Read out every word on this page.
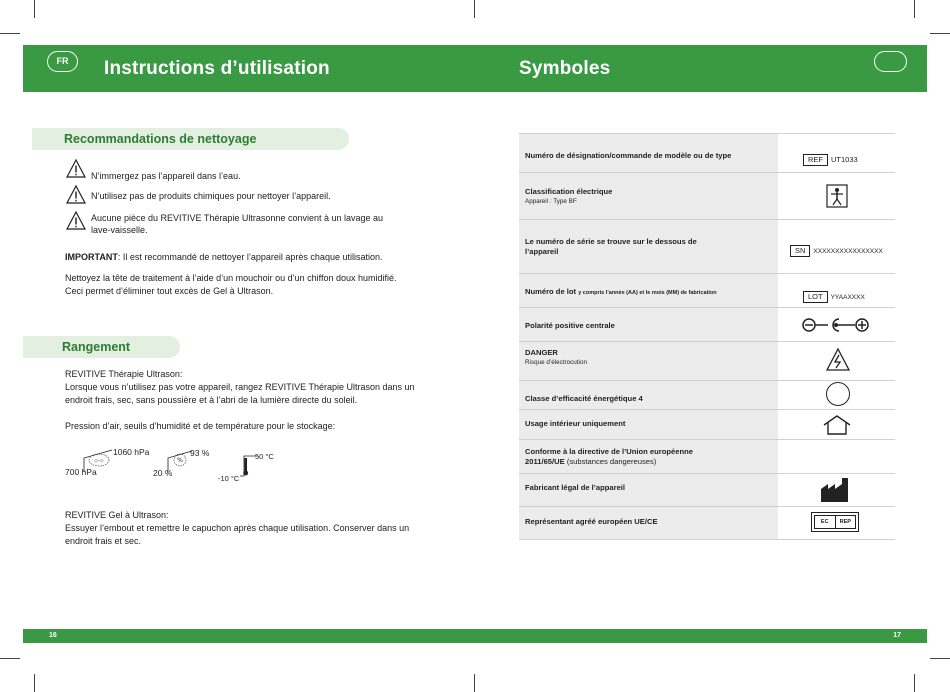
FR	Instructions d’utilisation	Symboles
Recommandations de nettoyage
N’immergez pas l’appareil dans l’eau.
N’utilisez pas de produits chimiques pour nettoyer l’appareil.
Aucune pièce du REVITIVE Thérapie Ultrasonne convient à un lavage au
lave-vaisselle.
IMPORTANT: Il est recommandé de nettoyer l’appareil après chaque utilisation.
Nettoyez la tête de traitement à l’aide d’un mouchoir ou d’un chiffon doux humidifié.
Ceci permet d’éliminer tout excès de Gel à Ultrason.
Rangement
REVITIVE Thérapie Ultrason:
Lorsque vous n’utilisez pas votre appareil, rangez REVITIVE Thérapie Ultrason dans un
endroit frais, sec, sans poussière et à l’abri de la lumière directe du soleil.
Pression d’air, seuils d’humidité et de température pour le stockage:
◇–◇
1060 hPa
700 hPa
%
93 %
20 %
50 °C
-10 °C
REVITIVE Gel à Ultrason:
Essuyer l’embout et remettre le capuchon après chaque utilisation. Conserver dans un
endroit frais et sec.
Numéro de désignation/commande de modèle ou de type	REF UT1033
Classification électrique
Appareil : Type BF
Le numéro de série se trouve sur le dessous de l’appareil	SN XXXXXXXXXXXXXXXX
Numéro de lot y compris l’année (AA) et le mois (MM) de fabrication	LOT YYAAXXXX
Polarité positive centrale
DANGER
Risque d’électrocution
Classe d’efficacité énergétique 4
Usage intérieur uniquement
Conforme à la directive de l’Union européenne
2011/65/UE (substances dangereuses)
Fabricant légal de l’appareil
Représentant agréé européen UE/CE	EC	REP
16	17
